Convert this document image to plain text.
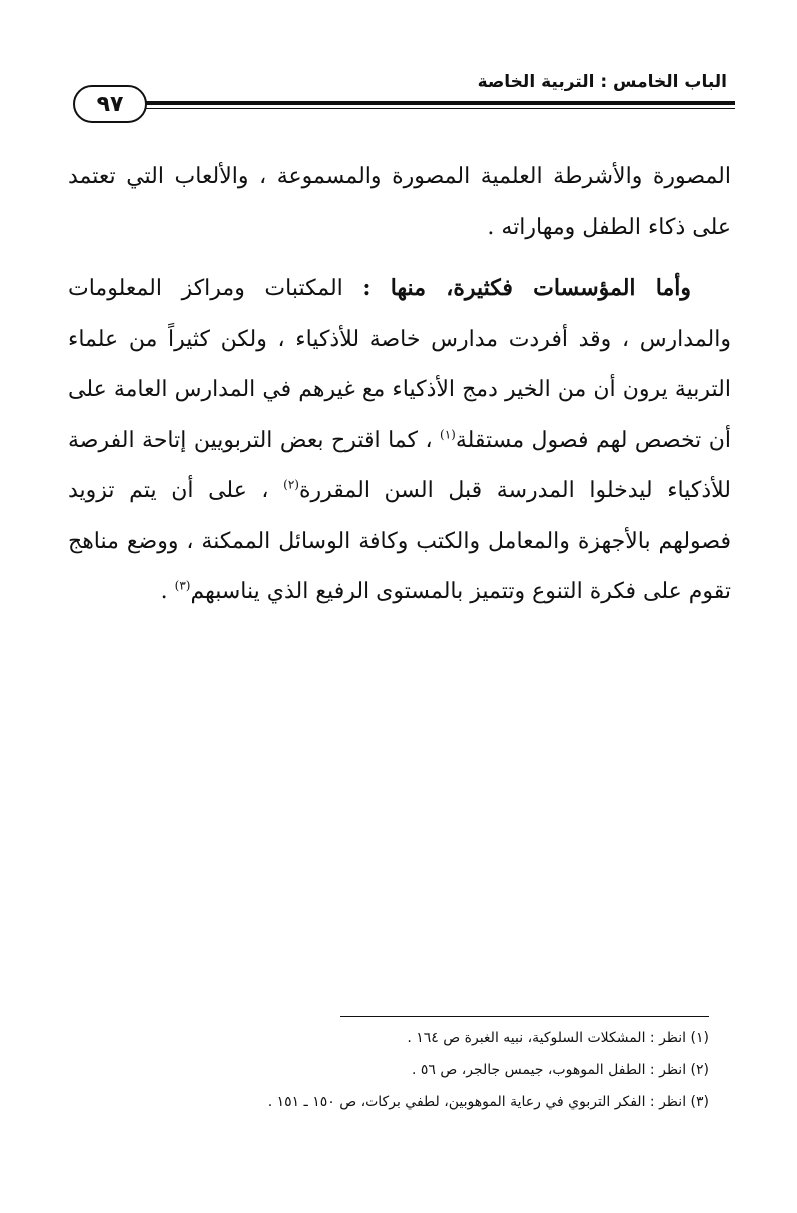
الباب الخامس : التربية الخاصة
٩٧

المصورة والأشرطة العلمية المصورة والمسموعة ، والألعاب التي تعتمد على ذكاء الطفل ومهاراته .

وأما المؤسسات فكثيرة، منها : المكتبات ومراكز المعلومات والمدارس ، وقد أفردت مدارس خاصة للأذكياء ، ولكن كثيراً من علماء التربية يرون أن من الخير دمج الأذكياء مع غيرهم في المدارس العامة على أن تخصص لهم فصول مستقلة$^{(١)}$ ، كما اقترح بعض التربويين إتاحة الفرصة للأذكياء ليدخلوا المدرسة قبل السن المقررة$^{(٢)}$ ، على أن يتم تزويد فصولهم بالأجهزة والمعامل والكتب وكافة الوسائل الممكنة ، ووضع مناهج تقوم على فكرة التنوع وتتميز بالمستوى الرفيع الذي يناسبهم$^{(٣)}$ .

(١) انظر : المشكلات السلوكية، نبيه الغبرة ص ١٦٤ .
(٢) انظر : الطفل الموهوب، جيمس جالجر، ص ٥٦ .
(٣) انظر : الفكر التربوي في رعاية الموهوبين، لطفي بركات، ص ١٥٠ ـ ١٥١ .
